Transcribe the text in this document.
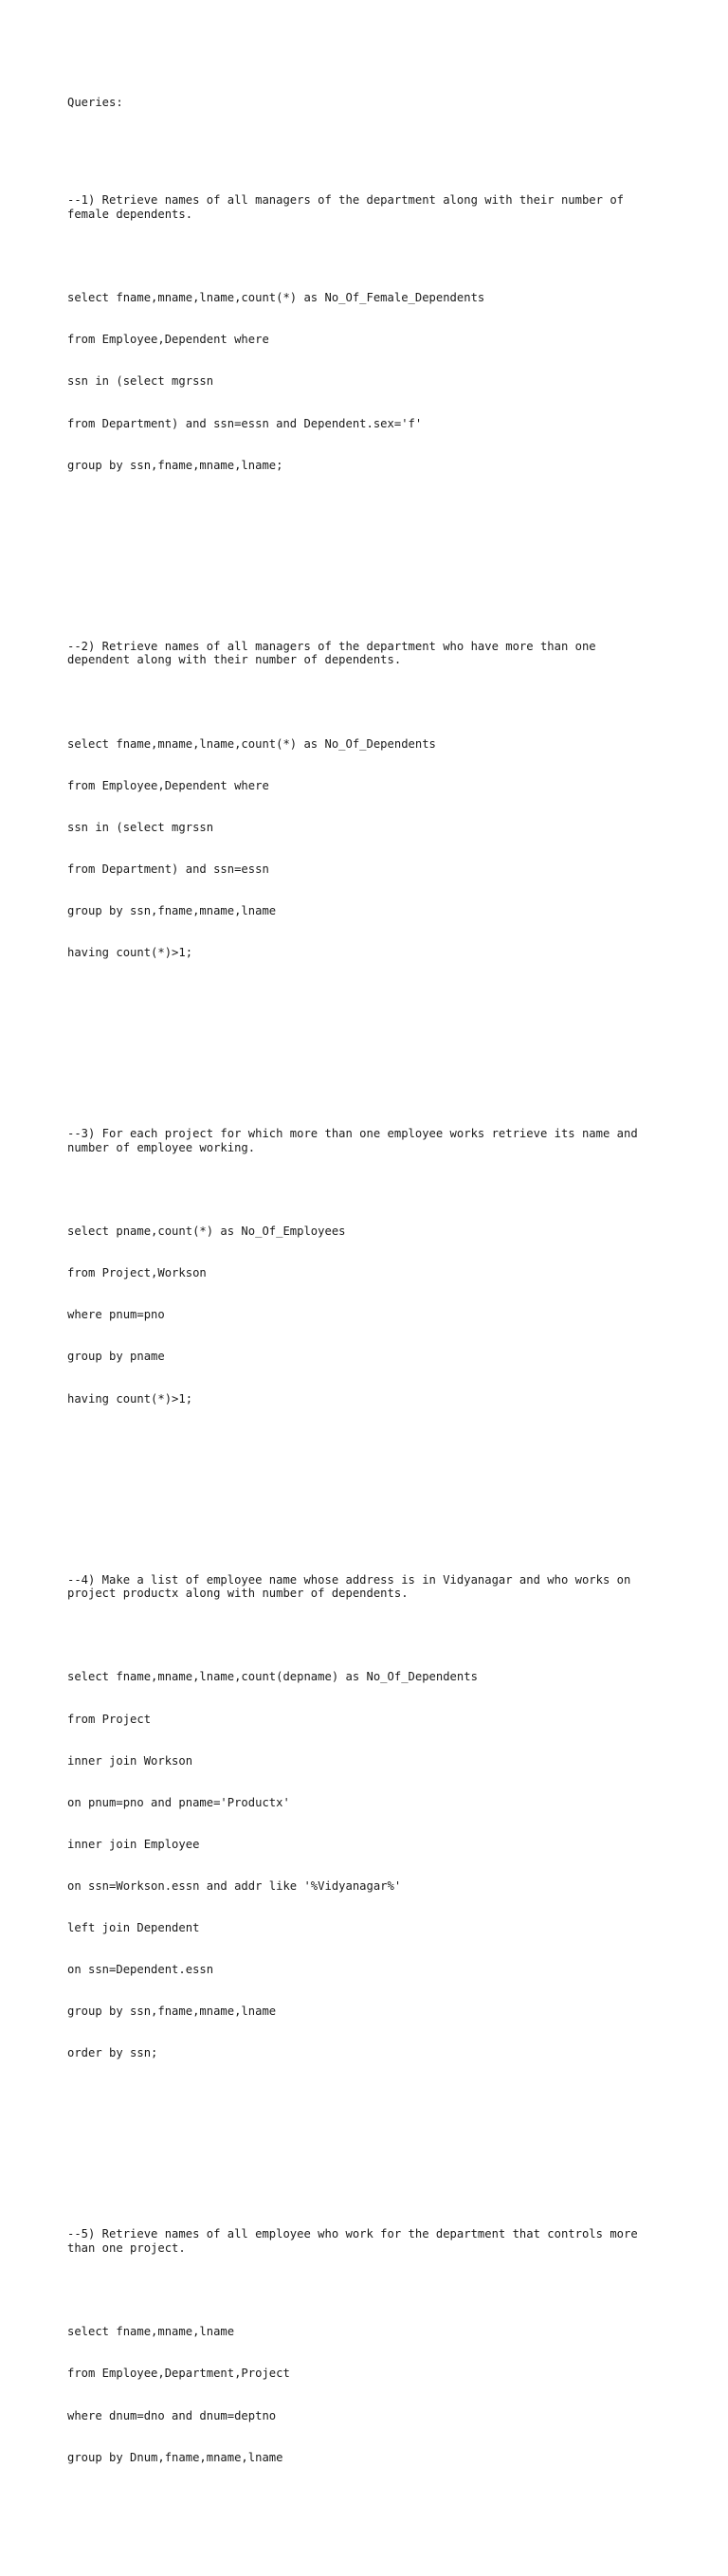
Queries:

--1) Retrieve names of all managers of the department along with their number of
female dependents.

select fname,mname,lname,count(*) as No_Of_Female_Dependents

from Employee,Dependent where

ssn in (select mgrssn

from Department) and ssn=essn and Dependent.sex='f'

group by ssn,fname,mname,lname;

--2) Retrieve names of all managers of the department who have more than one
dependent along with their number of dependents.

select fname,mname,lname,count(*) as No_Of_Dependents

from Employee,Dependent where

ssn in (select mgrssn

from Department) and ssn=essn

group by ssn,fname,mname,lname

having count(*)>1;

--3) For each project for which more than one employee works retrieve its name and
number of employee working.

select pname,count(*) as No_Of_Employees

from Project,Workson

where pnum=pno

group by pname

having count(*)>1;

--4) Make a list of employee name whose address is in Vidyanagar and who works on
project productx along with number of dependents.

select fname,mname,lname,count(depname) as No_Of_Dependents

from Project

inner join Workson

on pnum=pno and pname='Productx'

inner join Employee

on ssn=Workson.essn and addr like '%Vidyanagar%'

left join Dependent

on ssn=Dependent.essn

group by ssn,fname,mname,lname

order by ssn;

--5) Retrieve names of all employee who work for the department that controls more
than one project.

select fname,mname,lname

from Employee,Department,Project

where dnum=dno and dnum=deptno

group by Dnum,fname,mname,lname
